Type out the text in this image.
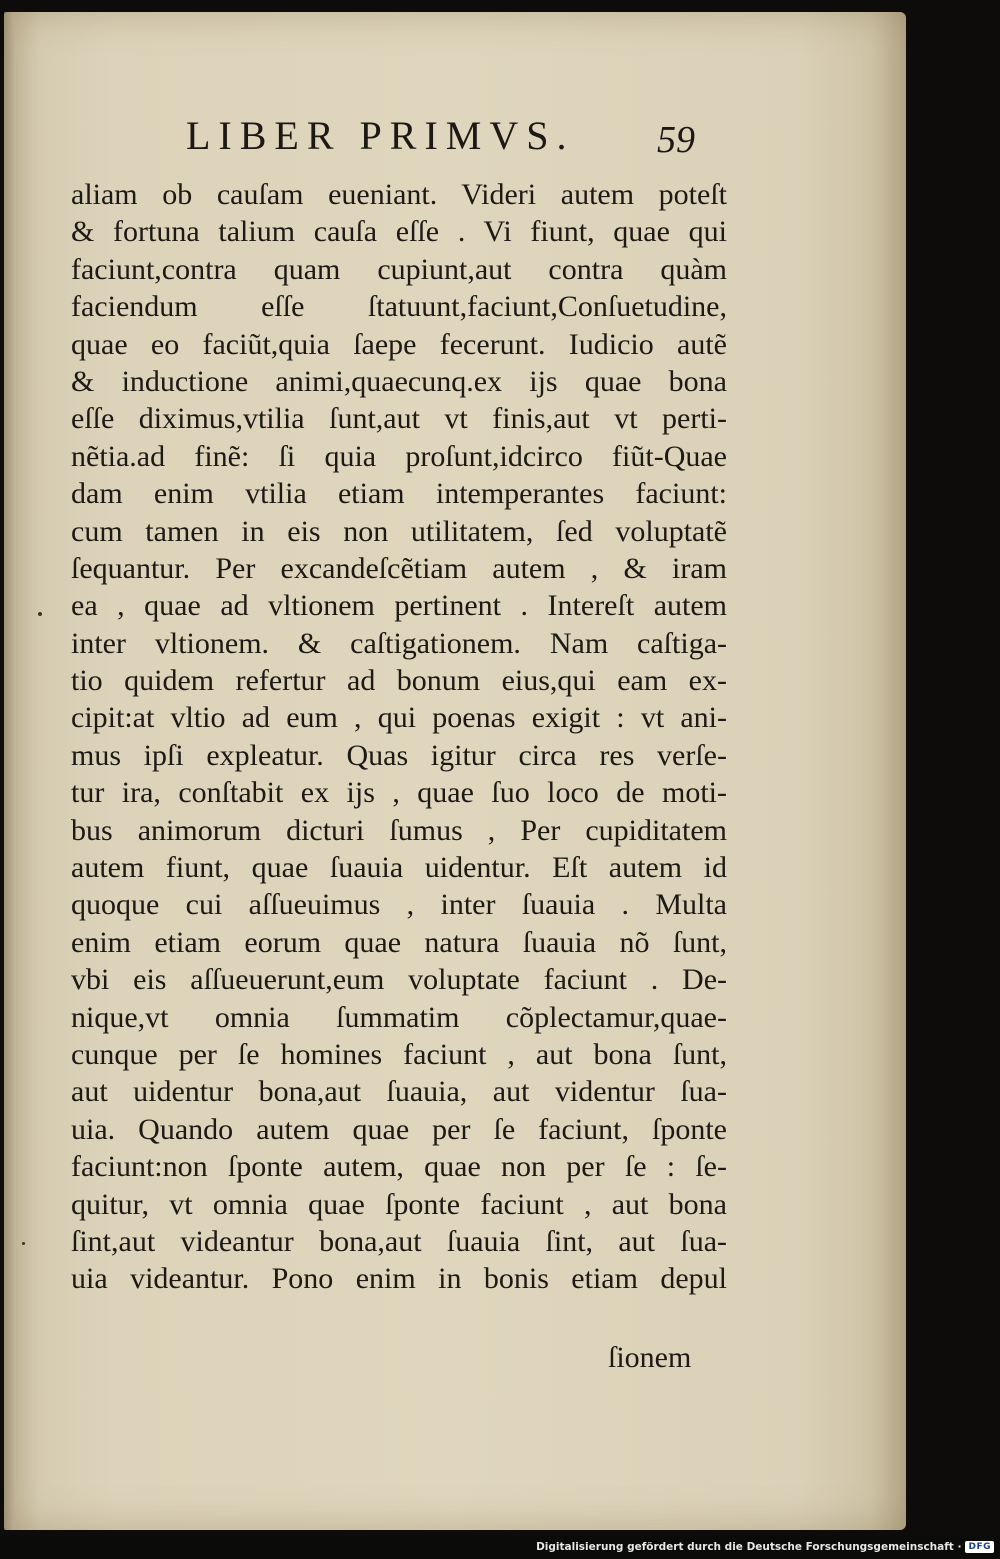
LIBER PRIMVS. 59
aliam ob cauſam eueniant. Videri autem poteſt
& fortuna talium cauſa eſſe . Vi fiunt, quae qui
faciunt,contra quam cupiunt,aut contra quàm
faciendum eſſe ſtatuunt,faciunt,Conſuetudine,
quae eo faciũt,quia ſaepe fecerunt. Iudicio autẽ
& inductione animi,quaecunq.ex ijs quae bona
eſſe diximus,vtilia ſunt,aut vt finis,aut vt perti-
nẽtia.ad finẽ: ſi quia proſunt,idcirco fiũt-Quae
dam enim vtilia etiam intemperantes faciunt:
cum tamen in eis non utilitatem, ſed voluptatẽ
ſequantur. Per excandeſcẽtiam autem , & iram
ea , quae ad vltionem pertinent . Intereſt autem
inter vltionem. & caſtigationem. Nam caſtiga-
tio quidem refertur ad bonum eius,qui eam ex-
cipit:at vltio ad eum , qui poenas exigit : vt ani-
mus ipſi expleatur. Quas igitur circa res verſe-
tur ira, conſtabit ex ijs , quae ſuo loco de moti-
bus animorum dicturi ſumus , Per cupiditatem
autem fiunt, quae ſuauia uidentur. Eſt autem id
quoque cui aſſueuimus , inter ſuauia . Multa
enim etiam eorum quae natura ſuauia nõ ſunt,
vbi eis aſſueuerunt,eum voluptate faciunt . De-
nique,vt omnia ſummatim cõplectamur,quae-
cunque per ſe homines faciunt , aut bona ſunt,
aut uidentur bona,aut ſuauia, aut videntur ſua-
uia. Quando autem quae per ſe faciunt, ſponte
faciunt:non ſponte autem, quae non per ſe : ſe-
quitur, vt omnia quae ſponte faciunt , aut bona
ſint,aut videantur bona,aut ſuauia ſint, aut ſua-
uia videantur. Pono enim in bonis etiam depul
ſionem
Digitalisierung gefördert durch die Deutsche Forschungsgemeinschaft · DFG
